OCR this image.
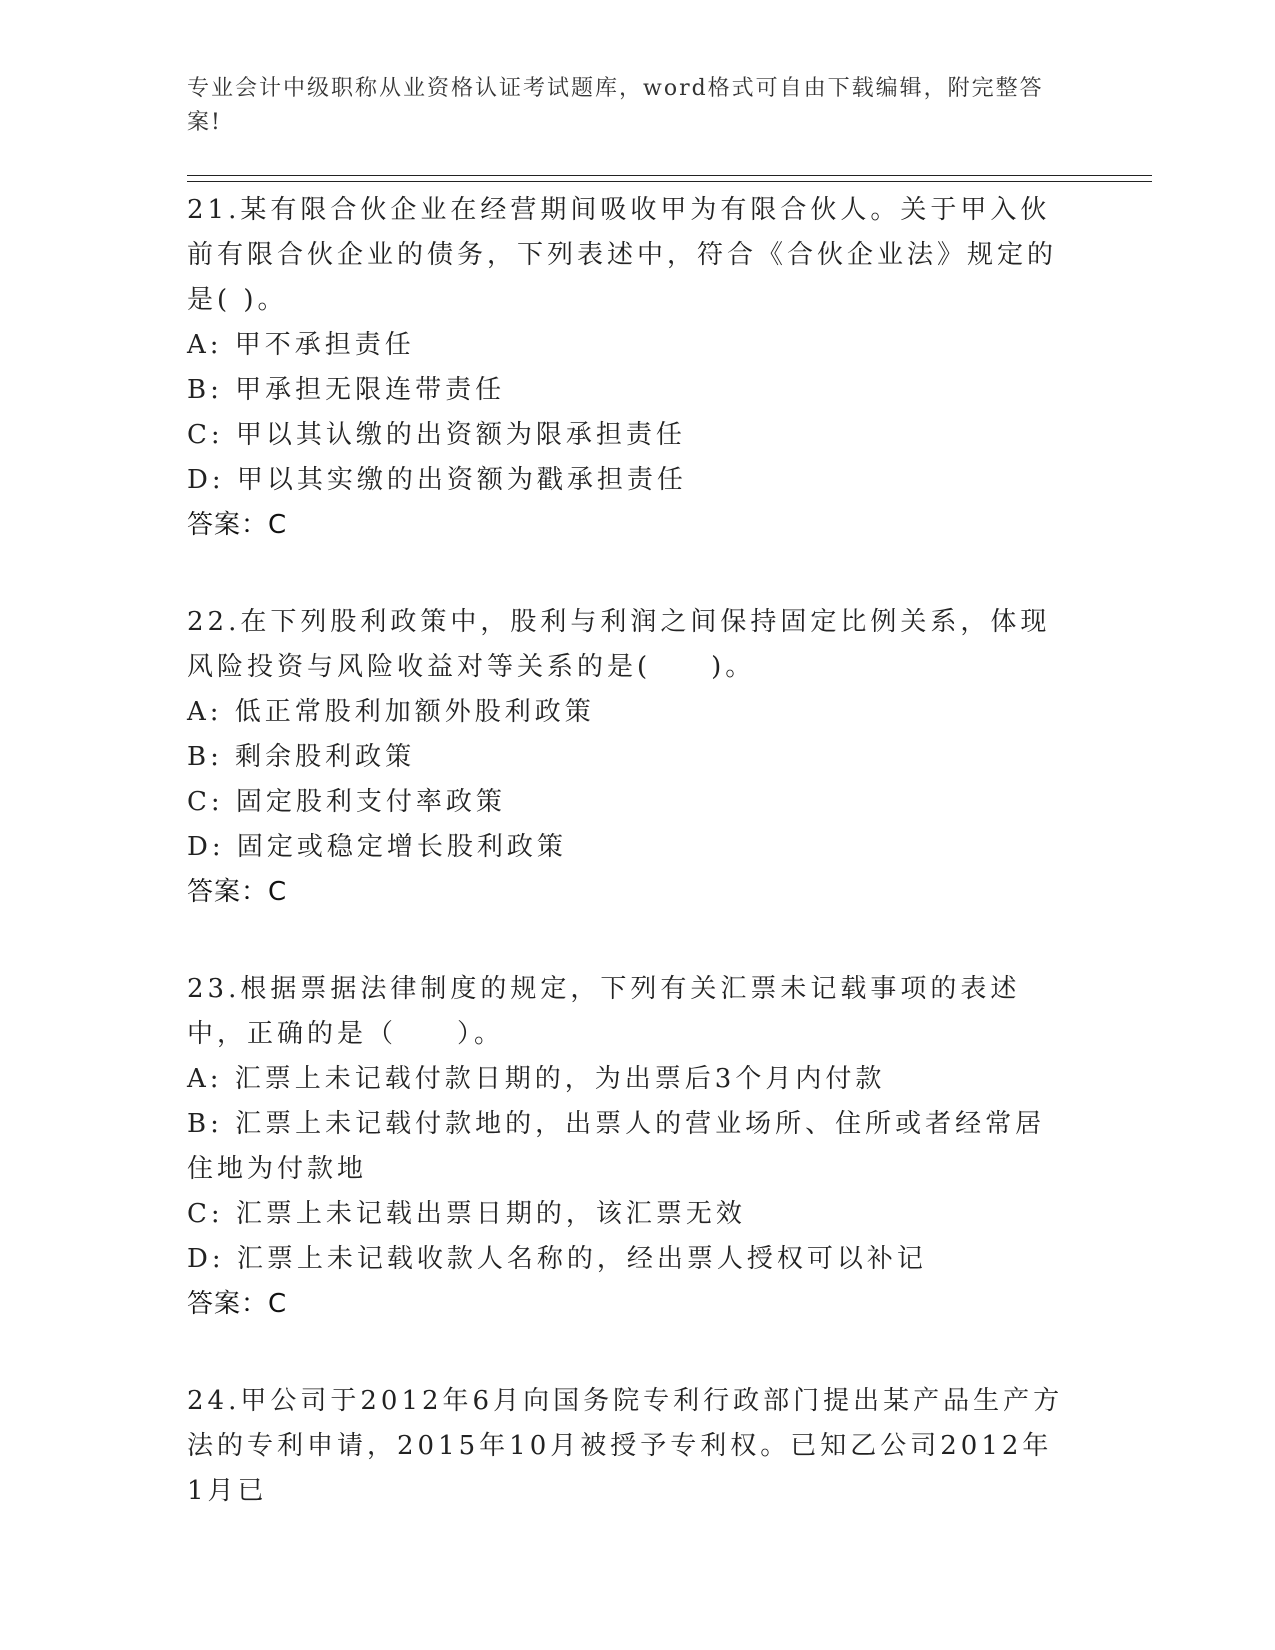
专业会计中级职称从业资格认证考试题库，word格式可自由下载编辑，附完整答案!

21.某有限合伙企业在经营期间吸收甲为有限合伙人。关于甲入伙前有限合伙企业的债务，下列表述中，符合《合伙企业法》规定的是( )。

A: 甲不承担责任

B: 甲承担无限连带责任

C: 甲以其认缴的出资额为限承担责任

D: 甲以其实缴的出资额为戳承担责任

答案：C

22.在下列股利政策中，股利与利润之间保持固定比例关系，体现风险投资与风险收益对等关系的是(　　)。

A: 低正常股利加额外股利政策

B: 剩余股利政策

C: 固定股利支付率政策

D: 固定或稳定增长股利政策

答案：C

23.根据票据法律制度的规定，下列有关汇票未记载事项的表述中，正确的是（　　）。

A: 汇票上未记载付款日期的，为出票后3个月内付款

B: 汇票上未记载付款地的，出票人的营业场所、住所或者经常居住地为付款地

C: 汇票上未记载出票日期的，该汇票无效

D: 汇票上未记载收款人名称的，经出票人授权可以补记

答案：C

24.甲公司于2012年6月向国务院专利行政部门提出某产品生产方法的专利申请，2015年10月被授予专利权。已知乙公司2012年1月已
